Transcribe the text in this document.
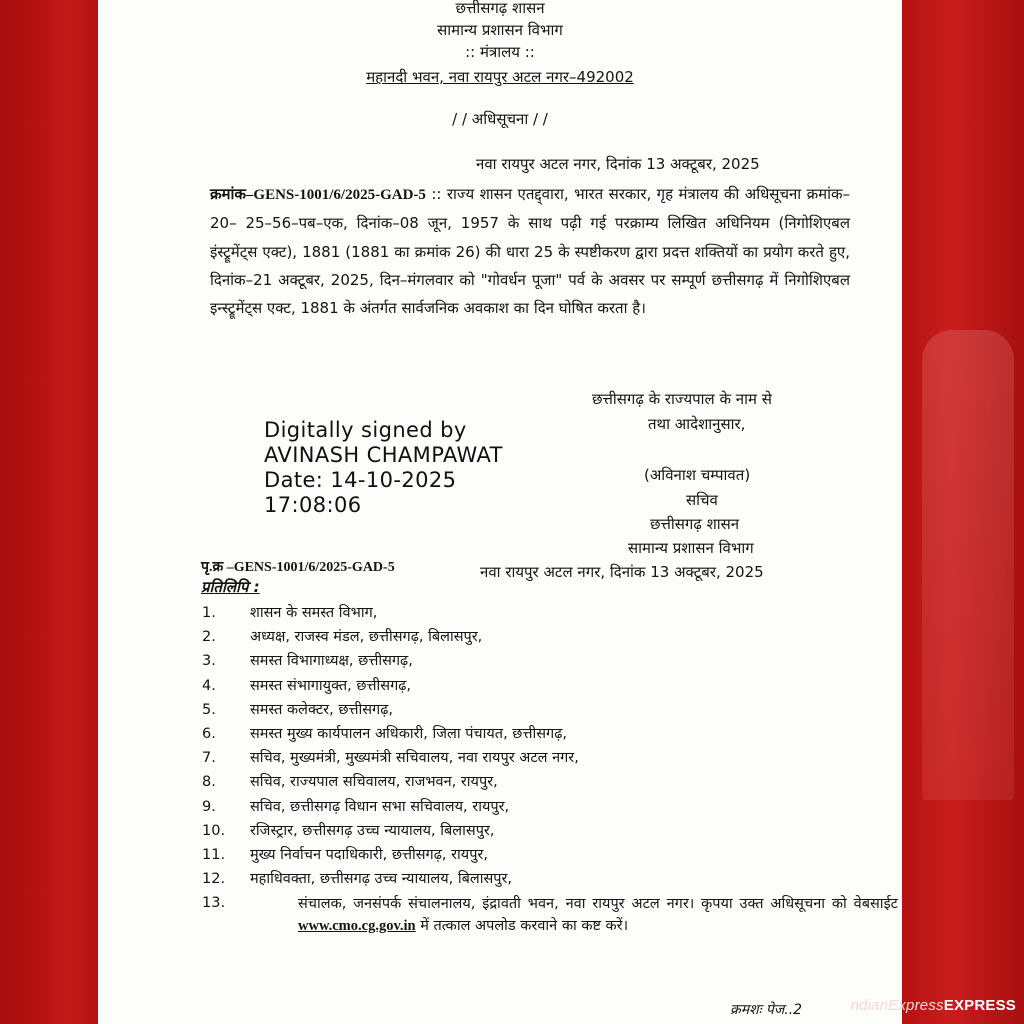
छत्तीसगढ़ शासन
सामान्य प्रशासन विभाग
:: मंत्रालय ::
महानदी भवन, नवा रायपुर अटल नगर–492002
/ / अधिसूचना / /
नवा रायपुर अटल नगर, दिनांक 13 अक्टूबर, 2025
क्रमांक–GENS-1001/6/2025-GAD-5 :: राज्य शासन एतद्द्वारा, भारत सरकार, गृह मंत्रालय की अधिसूचना क्रमांक–20– 25–56–पब–एक, दिनांक–08 जून, 1957 के साथ पढ़ी गई परक्राम्य लिखित अधिनियम (निगोशिएबल इंस्ट्रूमेंट्स एक्ट), 1881 (1881 का क्रमांक 26) की धारा 25 के स्पष्टीकरण द्वारा प्रदत्त शक्तियों का प्रयोग करते हुए, दिनांक–21 अक्टूबर, 2025, दिन–मंगलवार को "गोवर्धन पूजा" पर्व के अवसर पर सम्पूर्ण छत्तीसगढ़ में निगोशिएबल इन्स्ट्रूमेंट्स एक्ट, 1881 के अंतर्गत सार्वजनिक अवकाश का दिन घोषित करता है।
छत्तीसगढ़ के राज्यपाल के नाम से
तथा आदेशानुसार,
Digitally signed by
AVINASH CHAMPAWAT
Date: 14-10-2025
17:08:06
(अविनाश चम्पावत)
सचिव
छत्तीसगढ़ शासन
सामान्य प्रशासन विभाग
पृ.क्र –GENS-1001/6/2025-GAD-5	नवा रायपुर अटल नगर, दिनांक 13 अक्टूबर, 2025
प्रतिलिपि :
1.	शासन के समस्त विभाग,
2.	अध्यक्ष, राजस्व मंडल, छत्तीसगढ़, बिलासपुर,
3.	समस्त विभागाध्यक्ष, छत्तीसगढ़,
4.	समस्त संभागायुक्त, छत्तीसगढ़,
5.	समस्त कलेक्टर, छत्तीसगढ़,
6.	समस्त मुख्य कार्यपालन अधिकारी, जिला पंचायत, छत्तीसगढ़,
7.	सचिव, मुख्यमंत्री, मुख्यमंत्री सचिवालय, नवा रायपुर अटल नगर,
8.	सचिव, राज्यपाल सचिवालय, राजभवन, रायपुर,
9.	सचिव, छत्तीसगढ़ विधान सभा सचिवालय, रायपुर,
10.	रजिस्ट्रार, छत्तीसगढ़ उच्च न्यायालय, बिलासपुर,
11.	मुख्य निर्वाचन पदाधिकारी, छत्तीसगढ़, रायपुर,
12.	महाधिवक्ता, छत्तीसगढ़ उच्च न्यायालय, बिलासपुर,
13.	संचालक, जनसंपर्क संचालनालय, इंद्रावती भवन, नवा रायपुर अटल नगर। कृपया उक्त अधिसूचना को वेबसाईट www.cmo.cg.gov.in में तत्काल अपलोड करवाने का कष्ट करें।
क्रमशः पेज..2	ndianExpressEXPRESS
